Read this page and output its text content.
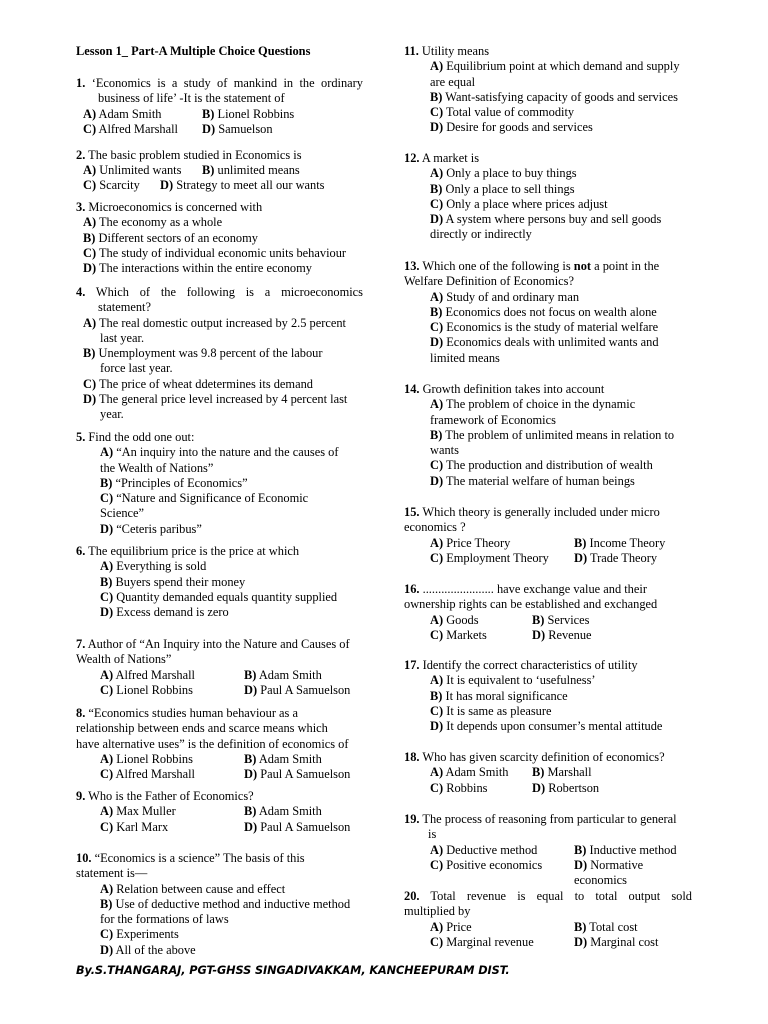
Lesson 1_ Part-A Multiple Choice Questions
1. ‘Economics is a study of mankind in the ordinary
business of life’ -It is the statement of
A) Adam Smith	B) Lionel Robbins
C) Alfred Marshall D) Samuelson
2. The basic problem studied in Economics is
A) Unlimited wants B) unlimited means
C) Scarcity D) Strategy to meet all our wants
3. Microeconomics is concerned with
A) The economy as a whole
B) Different sectors of an economy
C) The study of individual economic units behaviour
D) The interactions within the entire economy
4. Which of the following is a microeconomics
statement?
A) The real domestic output increased by 2.5 percent
last year.
B) Unemployment was 9.8 percent of the labour
force last year.
C) The price of wheat ddetermines its demand
D) The general price level increased by 4 percent last
year.
5. Find the odd one out:
A) “An inquiry into the nature and the causes of
the Wealth of Nations”
B) “Principles of Economics”
C) “Nature and Significance of Economic
Science”
D) “Ceteris paribus”
6. The equilibrium price is the price at which
A) Everything is sold
B) Buyers spend their money
C) Quantity demanded equals quantity supplied
D) Excess demand is zero
7. Author of “An Inquiry into the Nature and Causes of
Wealth of Nations”
A) Alfred Marshall	B) Adam Smith
C) Lionel Robbins	D) Paul A Samuelson
8. “Economics studies human behaviour as a
relationship between ends and scarce means which
have alternative uses” is the definition of economics of
A) Lionel Robbins	B) Adam Smith
C) Alfred Marshall	D) Paul A Samuelson
9. Who is the Father of Economics?
A) Max Muller	B) Adam Smith
C) Karl Marx	D) Paul A Samuelson
10. “Economics is a science” The basis of this
statement is—
A) Relation between cause and effect
B) Use of deductive method and inductive method
for the formations of laws
C) Experiments
D) All of the above
11. Utility means
A) Equilibrium point at which demand and supply
are equal
B) Want-satisfying capacity of goods and services
C) Total value of commodity
D) Desire for goods and services
12. A market is
A) Only a place to buy things
B) Only a place to sell things
C) Only a place where prices adjust
D) A system where persons buy and sell goods
directly or indirectly
13. Which one of the following is not a point in the
Welfare Definition of Economics?
A) Study of and ordinary man
B) Economics does not focus on wealth alone
C) Economics is the study of material welfare
D) Economics deals with unlimited wants and
limited means
14. Growth definition takes into account
A) The problem of choice in the dynamic
framework of Economics
B) The problem of unlimited means in relation to
wants
C) The production and distribution of wealth
D) The material welfare of human beings
15. Which theory is generally included under micro
economics ?
A) Price Theory	B) Income Theory
C) Employment Theory D) Trade Theory
16. ....................... have exchange value and their
ownership rights can be established and exchanged
A) Goods	B) Services
C) Markets	D) Revenue
17. Identify the correct characteristics of utility
A) It is equivalent to ‘usefulness’
B) It has moral significance
C) It is same as pleasure
D) It depends upon consumer’s mental attitude
18. Who has given scarcity definition of economics?
A) Adam Smith B) Marshall
C) Robbins	D) Robertson
19. The process of reasoning from particular to general
is
A) Deductive method	B) Inductive method
C) Positive economics	D) Normative
economics
20. Total revenue is equal to total output sold
multiplied by
A) Price	B) Total cost
C) Marginal revenue	D) Marginal cost
By.S.THANGARAJ, PGT-GHSS SINGADIVAKKAM, KANCHEEPURAM DIST.
